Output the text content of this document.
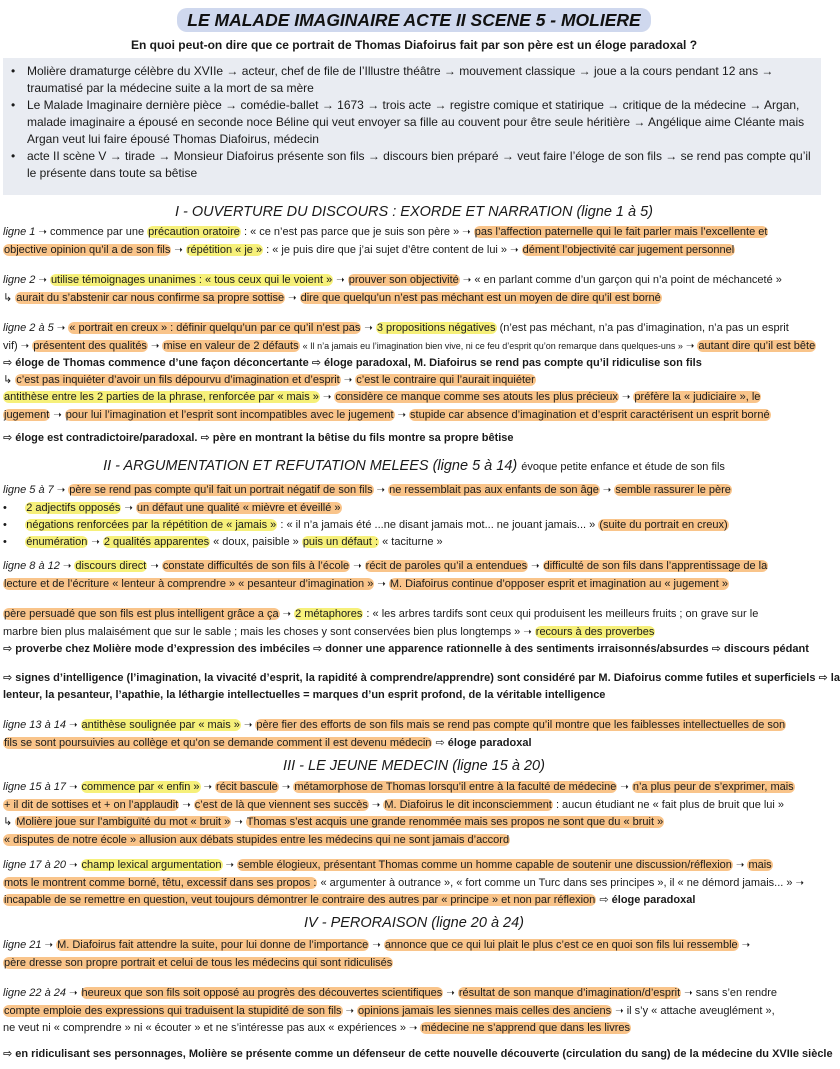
LE MALADE IMAGINAIRE ACTE II SCENE 5 - MOLIERE
En quoi peut-on dire que ce portrait de Thomas Diafoirus fait par son père est un éloge paradoxal ?
• Molière dramaturge célèbre du XVIIe → acteur, chef de file de l’Illustre théâtre → mouvement classique → joue a la cours pendant 12 ans → traumatisé par la médecine suite a la mort de sa mère
• Le Malade Imaginaire dernière pièce → comédie-ballet → 1673 → trois acte → registre comique et statirique → critique de la médecine → Argan, malade imaginaire a épousé en seconde noce Béline qui veut envoyer sa fille au couvent pour être seule héritière → Angélique aime Cléante mais Argan veut lui faire épousé Thomas Diafoirus, médecin
• acte II scène V → tirade → Monsieur Diafoirus présente son fils → discours bien préparé → veut faire l’éloge de son fils → se rend pas compte qu’il le présente dans toute sa bêtise
I - OUVERTURE DU DISCOURS : EXORDE ET NARRATION (ligne 1 à 5)
ligne 1 ➝ commence par une précaution oratoire : « ce n’est pas parce que je suis son père » ➝ pas l’affection paternelle qui le fait parler mais l’excellente et
objective opinion qu’il a de son fils ➝ répétition « je » : « je puis dire que j’ai sujet d’être content de lui » ➝ dément l’objectivité car jugement personnel
ligne 2 ➝ utilise témoignages unanimes : « tous ceux qui le voient » ➝ prouver son objectivité ➝ « en parlant comme d’un garçon qui n’a point de méchanceté »
↳ aurait du s’abstenir car nous confirme sa propre sottise ➝ dire que quelqu’un n’est pas méchant est un moyen de dire qu’il est borné
ligne 2 à 5 ➝ « portrait en creux » : définir quelqu’un par ce qu’il n’est pas ➝ 3 propositions négatives (n’est pas méchant, n’a pas d’imagination, n’a pas un esprit
vif) ➝ présentent des qualités ➝ mise en valeur de 2 défauts « Il n’a jamais eu l’imagination bien vive, ni ce feu d’esprit qu’on remarque dans quelques-uns » ➝ autant dire qu’il est bête
⇨ éloge de Thomas commence d’une façon déconcertante ⇨ éloge paradoxal, M. Diafoirus se rend pas compte qu’il ridiculise son fils
↳ c’est pas inquiéter d’avoir un fils dépourvu d’imagination et d’esprit ➝ c’est le contraire qui l’aurait inquiéter
antithèse entre les 2 parties de la phrase, renforcée par « mais » ➝ considère ce manque comme ses atouts les plus précieux ➝ préfère la « judiciaire », le
jugement ➝ pour lui l’imagination et l’esprit sont incompatibles avec le jugement ➝ stupide car absence d’imagination et d’esprit caractérisent un esprit borné
⇨ éloge est contradictoire/paradoxal. ⇨ père en montrant la bêtise du fils montre sa propre bêtise
II - ARGUMENTATION ET REFUTATION MELEES (ligne 5 à 14) évoque petite enfance et étude de son fils
ligne 5 à 7 ➝ père se rend pas compte qu’il fait un portrait négatif de son fils ➝ ne ressemblait pas aux enfants de son âge ➝ semble rassurer le père
• 2 adjectifs opposés ➝ un défaut une qualité « mièvre et éveillé »
• négations renforcées par la répétition de « jamais » : « il n’a jamais été ...ne disant jamais mot... ne jouant jamais... » (suite du portrait en creux)
• énumération ➝ 2 qualités apparentes « doux, paisible » puis un défaut : « taciturne »
ligne 8 à 12 ➝ discours direct ➝ constate difficultés de son fils à l’école ➝ récit de paroles qu’il a entendues ➝ difficulté de son fils dans l’apprentissage de la
lecture et de l’écriture « lenteur à comprendre » « pesanteur d’imagination » ➝ M. Diafoirus continue d’opposer esprit et imagination au « jugement »
père persuadé que son fils est plus intelligent grâce a ça ➝ 2 métaphores : « les arbres tardifs sont ceux qui produisent les meilleurs fruits ; on grave sur le
marbre bien plus malaisément que sur le sable ; mais les choses y sont conservées bien plus longtemps » ➝ recours à des proverbes
⇨ proverbe chez Molière mode d’expression des imbéciles ⇨ donner une apparence rationnelle à des sentiments irraisonnés/absurdes ⇨ discours pédant
⇨ signes d’intelligence (l’imagination, la vivacité d’esprit, la rapidité à comprendre/apprendre) sont considéré par M. Diafoirus comme futiles et superficiels ⇨ la
lenteur, la pesanteur, l’apathie, la léthargie intellectuelles = marques d’un esprit profond, de la véritable intelligence
ligne 13 à 14 ➝ antithèse soulignée par « mais » ➝ père fier des efforts de son fils mais se rend pas compte qu’il montre que les faiblesses intellectuelles de son
fils se sont poursuivies au collège et qu’on se demande comment il est devenu médecin ⇨ éloge paradoxal
III - LE JEUNE MEDECIN (ligne 15 à 20)
ligne 15 à 17 ➝ commence par « enfin » ➝ récit bascule ➝ métamorphose de Thomas lorsqu’il entre à la faculté de médecine ➝ n’a plus peur de s’exprimer, mais
+ il dit de sottises et + on l’applaudit ➝ c’est de là que viennent ses succès ➝ M. Diafoirus le dit inconsciemment : aucun étudiant ne « fait plus de bruit que lui »
↳ Molière joue sur l’ambiguïté du mot « bruit » ➝ Thomas s’est acquis une grande renommée mais ses propos ne sont que du « bruit »
« disputes de notre école » allusion aux débats stupides entre les médecins qui ne sont jamais d’accord
ligne 17 à 20 ➝ champ lexical argumentation ➝ semble élogieux, présentant Thomas comme un homme capable de soutenir une discussion/réflexion ➝ mais
mots le montrent comme borné, têtu, excessif dans ses propos : « argumenter à outrance », « fort comme un Turc dans ses principes », il « ne démord jamais... » ➝
incapable de se remettre en question, veut toujours démontrer le contraire des autres par « principe » et non par réflexion ⇨ éloge paradoxal
IV - PERORAISON (ligne 20 à 24)
ligne 21 ➝ M. Diafoirus fait attendre la suite, pour lui donne de l’importance ➝ annonce que ce qui lui plait le plus c’est ce en quoi son fils lui ressemble ➝
père dresse son propre portrait et celui de tous les médecins qui sont ridiculisés
ligne 22 à 24 ➝ heureux que son fils soit opposé au progrès des découvertes scientifiques ➝ résultat de son manque d’imagination/d’esprit ➝ sans s’en rendre
compte emploie des expressions qui traduisent la stupidité de son fils ➝ opinions jamais les siennes mais celles des anciens ➝ il s’y « attache aveuglément »,
ne veut ni « comprendre » ni « écouter » et ne s’intéresse pas aux « expériences » ➝ médecine ne s’apprend que dans les livres
⇨ en ridiculisant ses personnages, Molière se présente comme un défenseur de cette nouvelle découverte (circulation du sang) de la médecine du XVIIe siècle
